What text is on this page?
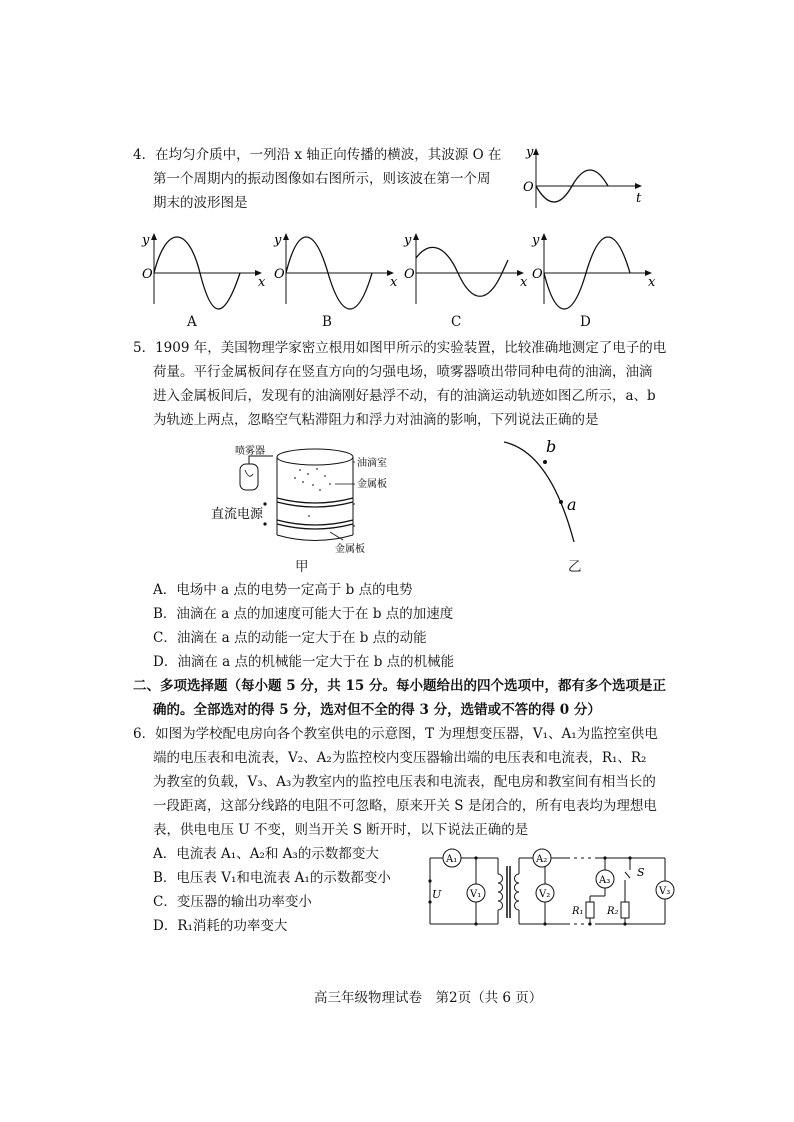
4．在均匀介质中，一列沿 x 轴正向传播的横波，其波源 O 在
第一个周期内的振动图像如右图所示，则该波在第一个周
期末的波形图是
y
O
t
y
O
x
y
O
x
y
O
x
y
O
x
A	B	C	D
5．1909 年，美国物理学家密立根用如图甲所示的实验装置，比较准确地测定了电子的电
荷量。平行金属板间存在竖直方向的匀强电场，喷雾器喷出带同种电荷的油滴，油滴
进入金属板间后，发现有的油滴刚好悬浮不动，有的油滴运动轨迹如图乙所示，a、b
为轨迹上两点，忽略空气粘滞阻力和浮力对油滴的影响，下列说法正确的是
喷雾器
油滴室
金属板
直流电源
金属板
甲
b
a
乙
A．电场中 a 点的电势一定高于 b 点的电势
B．油滴在 a 点的加速度可能大于在 b 点的加速度
C．油滴在 a 点的动能一定大于在 b 点的动能
D．油滴在 a 点的机械能一定大于在 b 点的机械能
二、多项选择题（每小题 5 分，共 15 分。每小题给出的四个选项中，都有多个选项是正
确的。全部选对的得 5 分，选对但不全的得 3 分，选错或不答的得 0 分）
6．如图为学校配电房向各个教室供电的示意图，T 为理想变压器，V₁、A₁为监控室供电
端的电压表和电流表，V₂、A₂为监控校内变压器输出端的电压表和电流表，R₁、R₂
为教室的负载，V₃、A₃为教室内的监控电压表和电流表，配电房和教室间有相当长的
一段距离，这部分线路的电阻不可忽略，原来开关 S 是闭合的，所有电表均为理想电
表，供电电压 U 不变，则当开关 S 断开时，以下说法正确的是
A．电流表 A₁、A₂和 A₃的示数都变大
B．电压表 V₁和电流表 A₁的示数都变小
C．变压器的输出功率变小
D．R₁消耗的功率变大
A₁
V₁
A₂
V₂
A₃
V₃
U
S
R₁ R₂
高三年级物理试卷　第2页（共 6 页）
